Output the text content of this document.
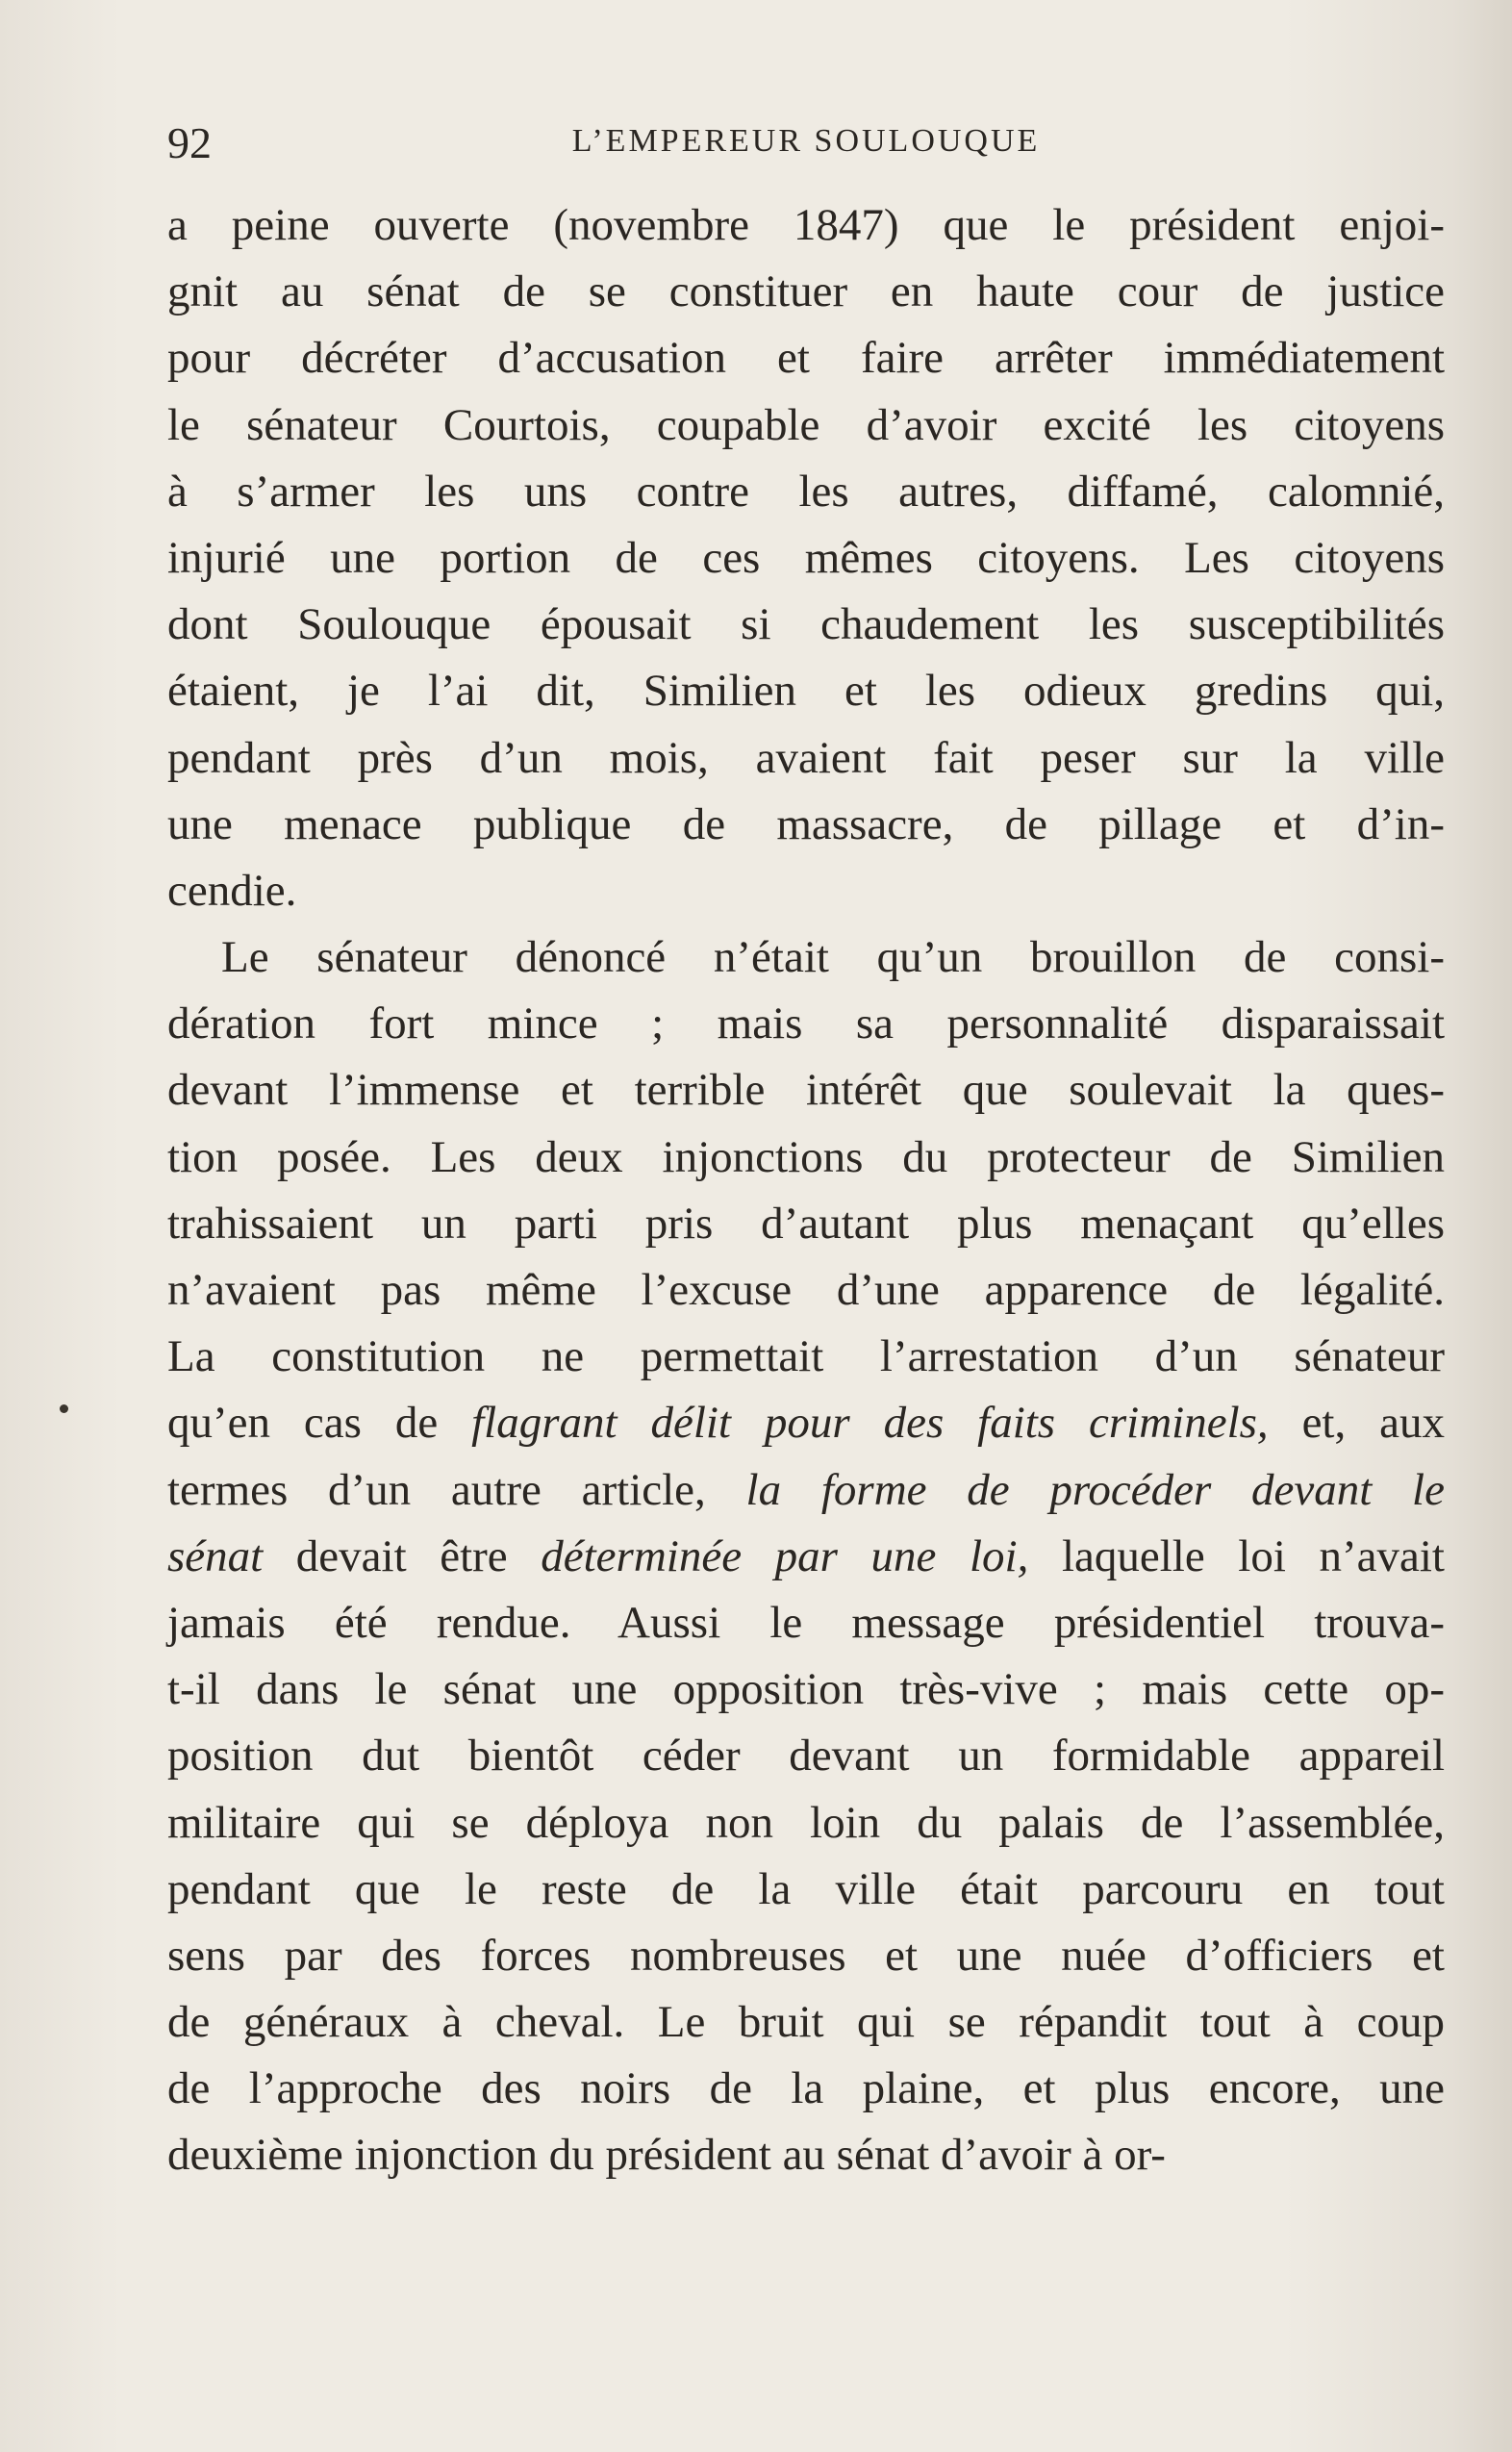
92	L’EMPEREUR SOULOUQUE
a peine ouverte (novembre 1847) que le président enjoi-
gnit au sénat de se constituer en haute cour de justice
pour décréter d’accusation et faire arrêter immédiatement
le sénateur Courtois, coupable d’avoir excité les citoyens
à s’armer les uns contre les autres, diffamé, calomnié,
injurié une portion de ces mêmes citoyens. Les citoyens
dont Soulouque épousait si chaudement les susceptibilités
étaient, je l’ai dit, Similien et les odieux gredins qui,
pendant près d’un mois, avaient fait peser sur la ville
une menace publique de massacre, de pillage et d’in-
cendie.
Le sénateur dénoncé n’était qu’un brouillon de consi-
dération fort mince ; mais sa personnalité disparaissait
devant l’immense et terrible intérêt que soulevait la ques-
tion posée. Les deux injonctions du protecteur de Similien
trahissaient un parti pris d’autant plus menaçant qu’elles
n’avaient pas même l’excuse d’une apparence de légalité.
La constitution ne permettait l’arrestation d’un sénateur
qu’en cas de flagrant délit pour des faits criminels, et, aux
termes d’un autre article, la forme de procéder devant le
sénat devait être déterminée par une loi, laquelle loi n’avait
jamais été rendue. Aussi le message présidentiel trouva-
t-il dans le sénat une opposition très-vive ; mais cette op-
position dut bientôt céder devant un formidable appareil
militaire qui se déploya non loin du palais de l’assemblée,
pendant que le reste de la ville était parcouru en tout
sens par des forces nombreuses et une nuée d’officiers et
de généraux à cheval. Le bruit qui se répandit tout à coup
de l’approche des noirs de la plaine, et plus encore, une
deuxième injonction du président au sénat d’avoir à or-
